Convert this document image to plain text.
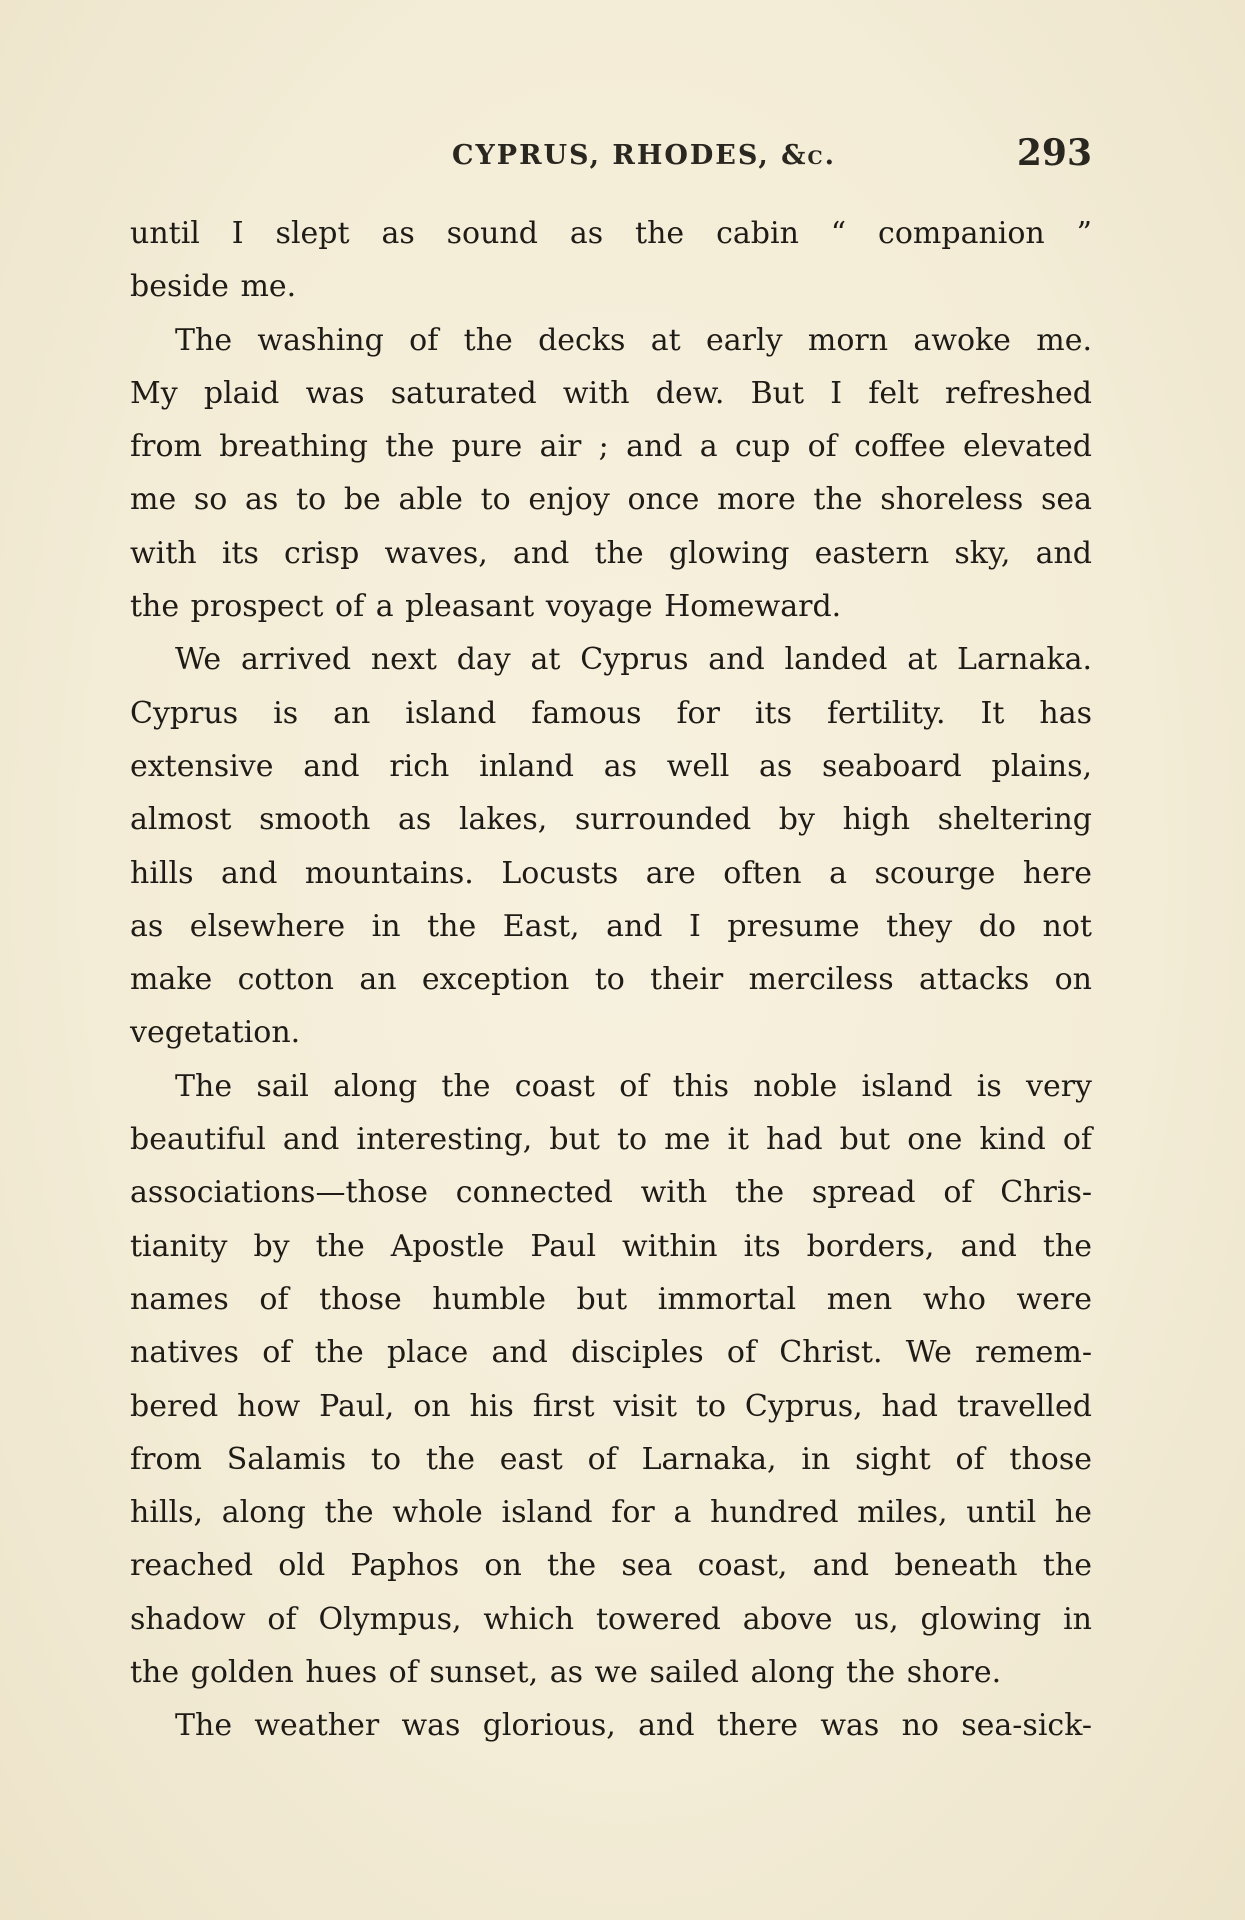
CYPRUS, RHODES, &c.	293
until I slept as sound as the cabin “ companion ”
beside me.
The washing of the decks at early morn awoke me.
My plaid was saturated with dew. But I felt refreshed
from breathing the pure air ; and a cup of coffee elevated
me so as to be able to enjoy once more the shoreless sea
with its crisp waves, and the glowing eastern sky, and
the prospect of a pleasant voyage Homeward.
We arrived next day at Cyprus and landed at Larnaka.
Cyprus is an island famous for its fertility. It has
extensive and rich inland as well as seaboard plains,
almost smooth as lakes, surrounded by high sheltering
hills and mountains. Locusts are often a scourge here
as elsewhere in the East, and I presume they do not
make cotton an exception to their merciless attacks on
vegetation.
The sail along the coast of this noble island is very
beautiful and interesting, but to me it had but one kind of
associations—those connected with the spread of Chris-
tianity by the Apostle Paul within its borders, and the
names of those humble but immortal men who were
natives of the place and disciples of Christ. We remem-
bered how Paul, on his first visit to Cyprus, had travelled
from Salamis to the east of Larnaka, in sight of those
hills, along the whole island for a hundred miles, until he
reached old Paphos on the sea coast, and beneath the
shadow of Olympus, which towered above us, glowing in
the golden hues of sunset, as we sailed along the shore.
The weather was glorious, and there was no sea-sick-
